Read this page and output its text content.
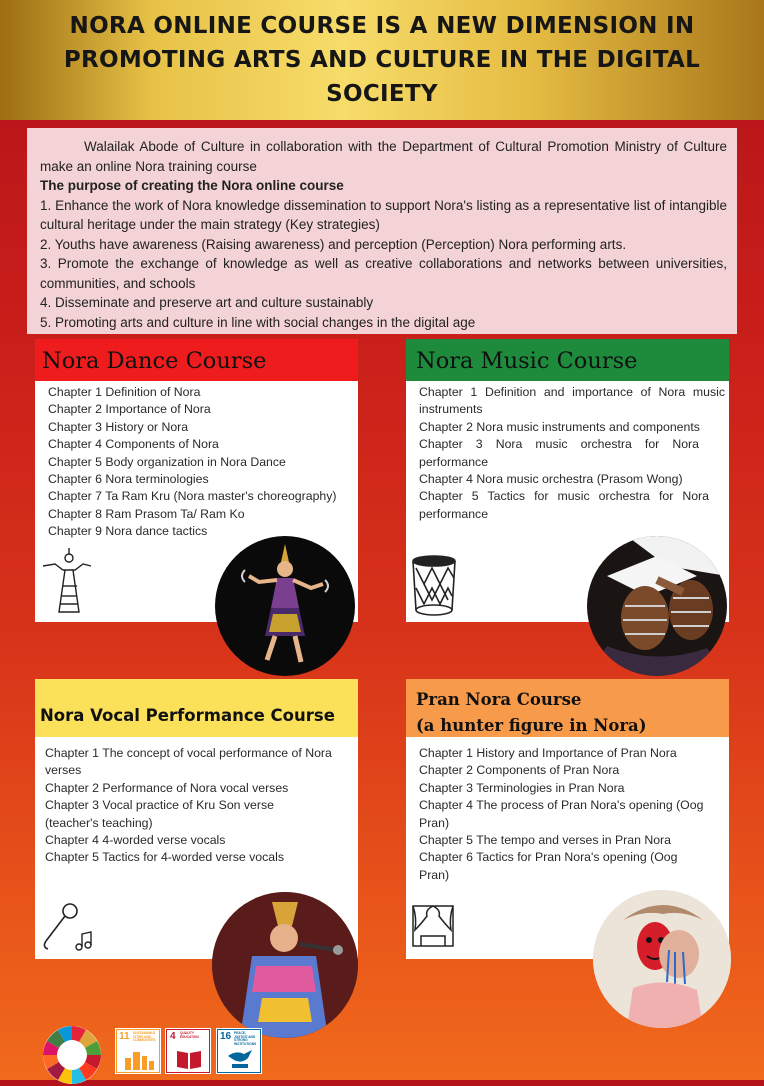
NORA ONLINE COURSE IS A NEW DIMENSION IN PROMOTING ARTS AND CULTURE IN THE DIGITAL SOCIETY

Walailak Abode of Culture in collaboration with the Department of Cultural Promotion Ministry of Culture make an online Nora training course

The purpose of creating the Nora online course

1. Enhance the work of Nora knowledge dissemination to support Nora's listing as a representative list of intangible cultural heritage under the main strategy (Key strategies)

2. Youths have awareness (Raising awareness) and perception (Perception) Nora performing arts.

3. Promote the exchange of knowledge as well as creative collaborations and networks between universities, communities, and schools

4. Disseminate and preserve art and culture sustainably

5. Promoting arts and culture in line with social changes in the digital age

Nora Dance Course
Chapter 1 Definition of Nora
Chapter 2 Importance of Nora
Chapter 3 History or Nora
Chapter 4 Components of Nora
Chapter 5 Body organization in Nora Dance
Chapter 6 Nora terminologies
Chapter 7 Ta Ram Kru (Nora master's choreography)
Chapter 8 Ram Prasom Ta/ Ram Ko
Chapter 9 Nora dance tactics
Nora Music Course
Chapter 1 Definition and importance of Nora music instruments
Chapter 2 Nora music instruments and components
Chapter 3 Nora music orchestra for Nora performance
Chapter 4 Nora music orchestra (Prasom Wong)
Chapter 5 Tactics for music orchestra for Nora performance
Nora Vocal Performance Course
Chapter 1 The concept of vocal performance of Nora verses
Chapter 2 Performance of Nora vocal verses
Chapter 3 Vocal practice of Kru Son verse (teacher's teaching)
Chapter 4 4-worded verse vocals
Chapter 5 Tactics for 4-worded verse vocals
Pran Nora Course
(a hunter figure in Nora)
Chapter 1 History and Importance of Pran Nora
Chapter 2 Components of Pran Nora
Chapter 3 Terminologies in Pran Nora
Chapter 4 The process of Pran Nora's opening (Oog Pran)
Chapter 5 The tempo and verses in Pran Nora
Chapter 6 Tactics for Pran Nora's opening (Oog Pran)
11 SUSTAINABLE CITIES AND COMMUNITIES	4 QUALITY EDUCATION	16 PEACE, JUSTICE AND STRONG INSTITUTIONS
